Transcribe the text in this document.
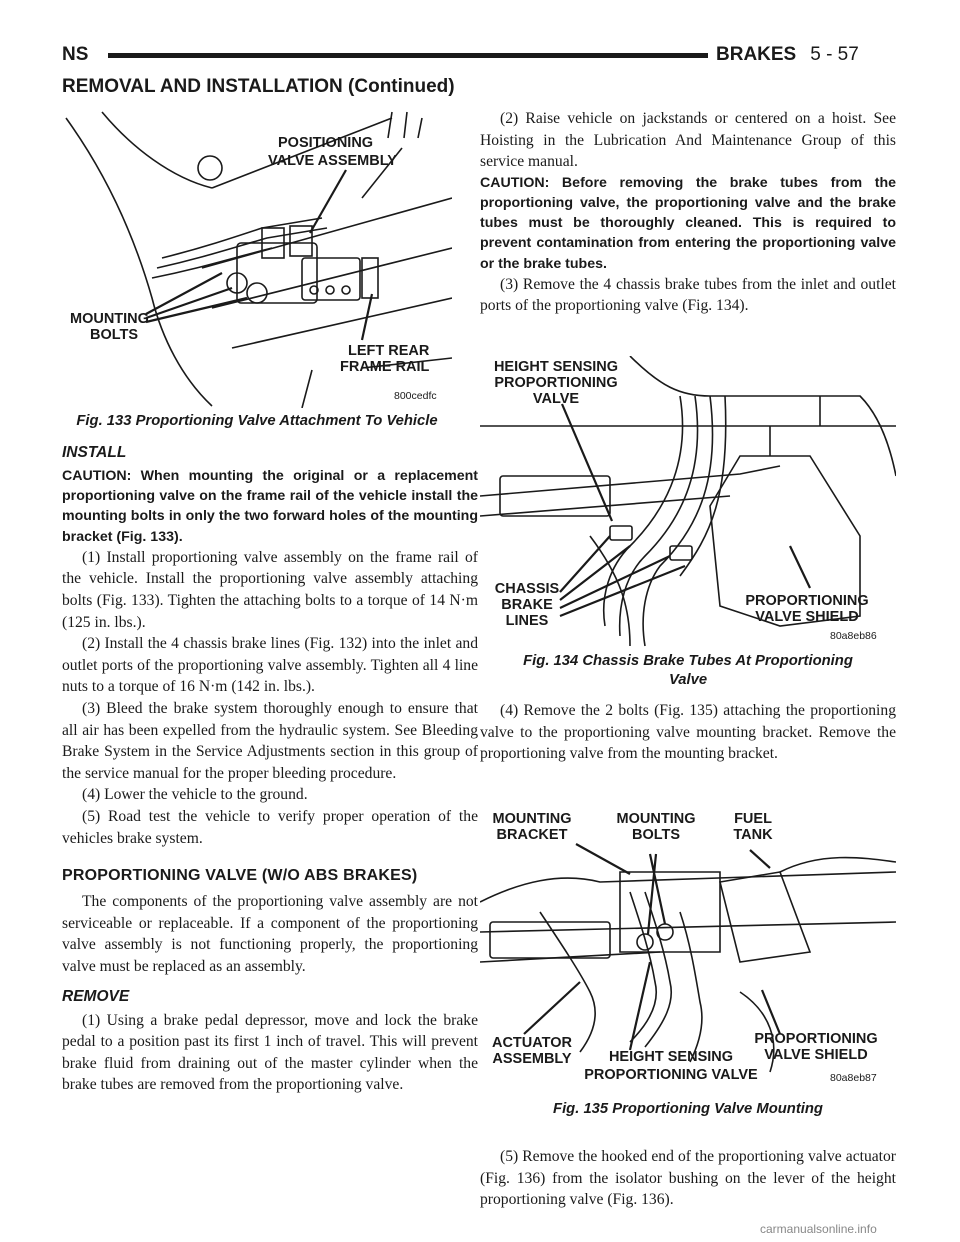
NS	BRAKES 5 - 57
REMOVAL AND INSTALLATION (Continued)
POSITIONING
VALVE ASSEMBLY
MOUNTING
BOLTS
LEFT REAR
FRAME RAIL
800cedfc
Fig. 133 Proportioning Valve Attachment To Vehicle
INSTALL

CAUTION: When mounting the original or a replacement proportioning valve on the frame rail of the vehicle install the mounting bolts in only the two forward holes of the mounting bracket (Fig. 133).

(1) Install proportioning valve assembly on the frame rail of the vehicle. Install the proportioning valve assembly attaching bolts (Fig. 133). Tighten the attaching bolts to a torque of 14 N·m (125 in. lbs.).

(2) Install the 4 chassis brake lines (Fig. 132) into the inlet and outlet ports of the proportioning valve assembly. Tighten all 4 line nuts to a torque of 16 N·m (142 in. lbs.).

(3) Bleed the brake system thoroughly enough to ensure that all air has been expelled from the hydraulic system. See Bleeding Brake System in the Service Adjustments section in this group of the service manual for the proper bleeding procedure.

(4) Lower the vehicle to the ground.

(5) Road test the vehicle to verify proper operation of the vehicles brake system.

PROPORTIONING VALVE (W/O ABS BRAKES)

The components of the proportioning valve assembly are not serviceable or replaceable. If a component of the proportioning valve assembly is not functioning properly, the proportioning valve must be replaced as an assembly.

REMOVE

(1) Using a brake pedal depressor, move and lock the brake pedal to a position past its first 1 inch of travel. This will prevent brake fluid from draining out of the master cylinder when the brake tubes are removed from the proportioning valve.

(2) Raise vehicle on jackstands or centered on a hoist. See Hoisting in the Lubrication And Maintenance Group of this service manual.

CAUTION: Before removing the brake tubes from the proportioning valve, the proportioning valve and the brake tubes must be thoroughly cleaned. This is required to prevent contamination from entering the proportioning valve or the brake tubes.

(3) Remove the 4 chassis brake tubes from the inlet and outlet ports of the proportioning valve (Fig. 134).

HEIGHT SENSING
PROPORTIONING
VALVE
CHASSIS
BRAKE
LINES
PROPORTIONING
VALVE SHIELD
80a8eb86
Fig. 134 Chassis Brake Tubes At Proportioning
Valve

(4) Remove the 2 bolts (Fig. 135) attaching the proportioning valve to the proportioning valve mounting bracket. Remove the proportioning valve from the mounting bracket.

MOUNTING
BRACKET
MOUNTING
BOLTS
FUEL
TANK
ACTUATOR
ASSEMBLY	HEIGHT SENSING
PROPORTIONING
VALVE SHIELD
PROPORTIONING VALVE	80a8eb87
Fig. 135 Proportioning Valve Mounting

(5) Remove the hooked end of the proportioning valve actuator (Fig. 136) from the isolator bushing on the lever of the height proportioning valve (Fig. 136).

carmanualsonline.info
